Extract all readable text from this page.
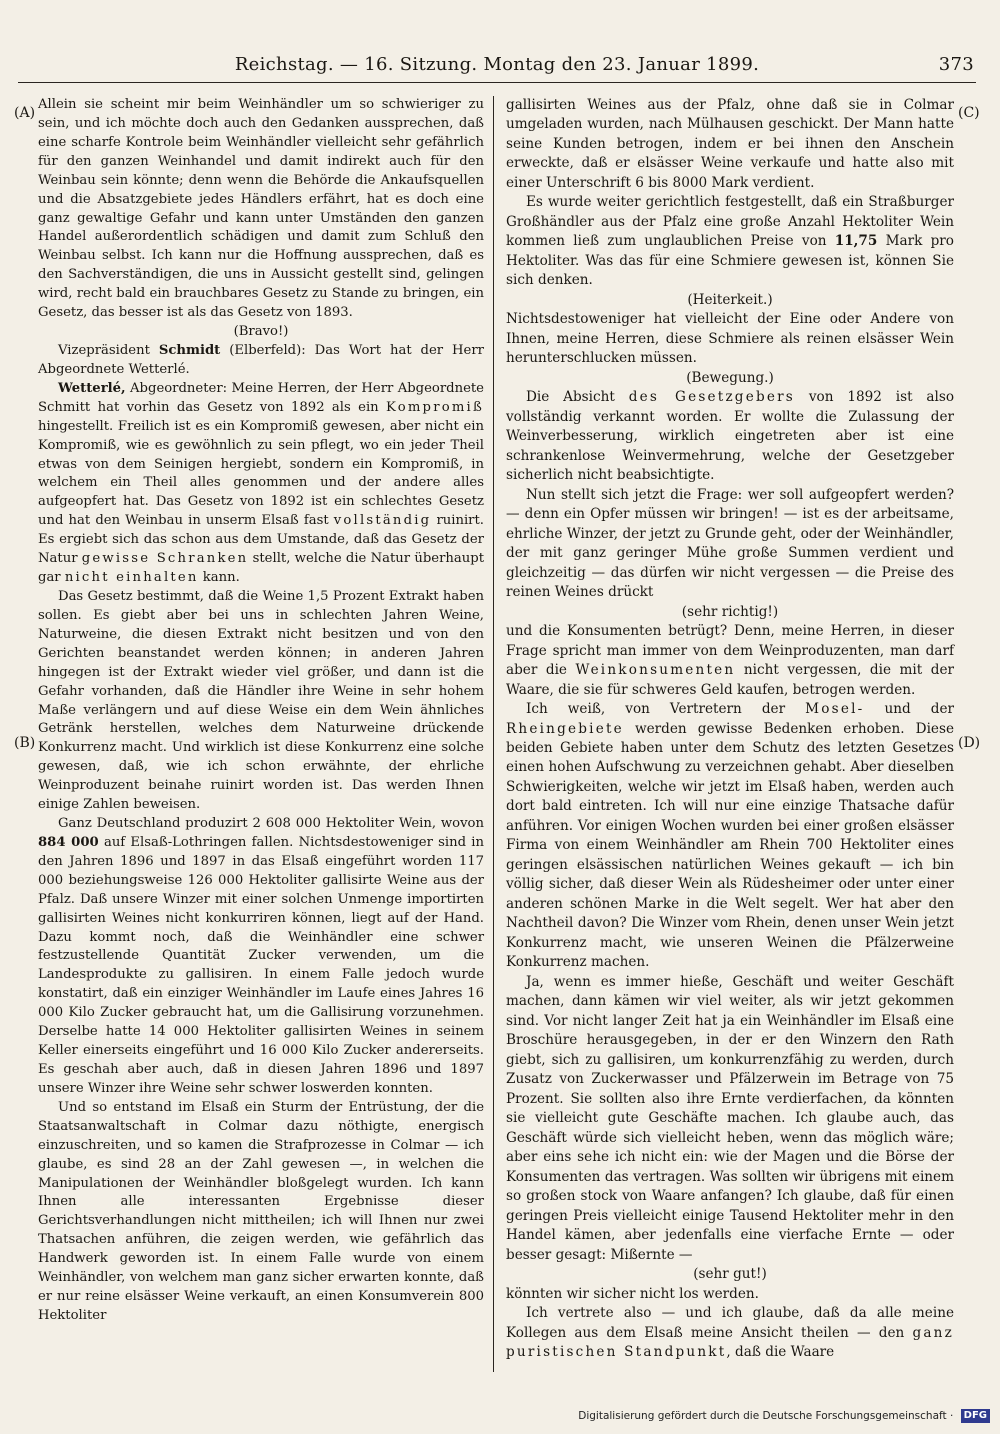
Reichstag. — 16. Sitzung. Montag den 23. Januar 1899.	373
(A)
(B)
(C)
(D)

Allein sie scheint mir beim Weinhändler um so schwieriger zu sein, und ich möchte doch auch den Gedanken aussprechen, daß eine scharfe Kontrole beim Weinhändler vielleicht sehr gefährlich für den ganzen Weinhandel und damit indirekt auch für den Weinbau sein könnte; denn wenn die Behörde die Ankaufsquellen und die Absatzgebiete jedes Händlers erfährt, hat es doch eine ganz gewaltige Gefahr und kann unter Umständen den ganzen Handel außerordentlich schädigen und damit zum Schluß den Weinbau selbst. Ich kann nur die Hoffnung aussprechen, daß es den Sachverständigen, die uns in Aussicht gestellt sind, gelingen wird, recht bald ein brauchbares Gesetz zu Stande zu bringen, ein Gesetz, das besser ist als das Gesetz von 1893.

(Bravo!)

Vizepräsident Schmidt (Elberfeld): Das Wort hat der Herr Abgeordnete Wetterlé.

Wetterlé, Abgeordneter: Meine Herren, der Herr Abgeordnete Schmitt hat vorhin das Gesetz von 1892 als ein Kompromiß hingestellt. Freilich ist es ein Kompromiß gewesen, aber nicht ein Kompromiß, wie es gewöhnlich zu sein pflegt, wo ein jeder Theil etwas von dem Seinigen hergiebt, sondern ein Kompromiß, in welchem ein Theil alles genommen und der andere alles aufgeopfert hat. Das Gesetz von 1892 ist ein schlechtes Gesetz und hat den Weinbau in unserm Elsaß fast vollständig ruinirt. Es ergiebt sich das schon aus dem Umstande, daß das Gesetz der Natur gewisse Schranken stellt, welche die Natur überhaupt gar nicht einhalten kann.

Das Gesetz bestimmt, daß die Weine 1,5 Prozent Extrakt haben sollen. Es giebt aber bei uns in schlechten Jahren Weine, Naturweine, die diesen Extrakt nicht besitzen und von den Gerichten beanstandet werden können; in anderen Jahren hingegen ist der Extrakt wieder viel größer, und dann ist die Gefahr vorhanden, daß die Händler ihre Weine in sehr hohem Maße verlängern und auf diese Weise ein dem Wein ähnliches Getränk herstellen, welches dem Naturweine drückende Konkurrenz macht. Und wirklich ist diese Konkurrenz eine solche gewesen, daß, wie ich schon erwähnte, der ehrliche Weinproduzent beinahe ruinirt worden ist. Das werden Ihnen einige Zahlen beweisen.

Ganz Deutschland produzirt 2 608 000 Hektoliter Wein, wovon 884 000 auf Elsaß-Lothringen fallen. Nichtsdestoweniger sind in den Jahren 1896 und 1897 in das Elsaß eingeführt worden 117 000 beziehungsweise 126 000 Hektoliter gallisirte Weine aus der Pfalz. Daß unsere Winzer mit einer solchen Unmenge importirten gallisirten Weines nicht konkurriren können, liegt auf der Hand. Dazu kommt noch, daß die Weinhändler eine schwer festzustellende Quantität Zucker verwenden, um die Landesprodukte zu gallisiren. In einem Falle jedoch wurde konstatirt, daß ein einziger Weinhändler im Laufe eines Jahres 16 000 Kilo Zucker gebraucht hat, um die Gallisirung vorzunehmen. Derselbe hatte 14 000 Hektoliter gallisirten Weines in seinem Keller einerseits eingeführt und 16 000 Kilo Zucker andererseits. Es geschah aber auch, daß in diesen Jahren 1896 und 1897 unsere Winzer ihre Weine sehr schwer loswerden konnten.

Und so entstand im Elsaß ein Sturm der Entrüstung, der die Staatsanwaltschaft in Colmar dazu nöthigte, energisch einzuschreiten, und so kamen die Strafprozesse in Colmar — ich glaube, es sind 28 an der Zahl gewesen —, in welchen die Manipulationen der Weinhändler bloßgelegt wurden. Ich kann Ihnen alle interessanten Ergebnisse dieser Gerichtsverhandlungen nicht mittheilen; ich will Ihnen nur zwei Thatsachen anführen, die zeigen werden, wie gefährlich das Handwerk geworden ist. In einem Falle wurde von einem Weinhändler, von welchem man ganz sicher erwarten konnte, daß er nur reine elsässer Weine verkauft, an einen Konsumverein 800 Hektoliter

gallisirten Weines aus der Pfalz, ohne daß sie in Colmar umgeladen wurden, nach Mülhausen geschickt. Der Mann hatte seine Kunden betrogen, indem er bei ihnen den Anschein erweckte, daß er elsässer Weine verkaufe und hatte also mit einer Unterschrift 6 bis 8000 Mark verdient.

Es wurde weiter gerichtlich festgestellt, daß ein Straßburger Großhändler aus der Pfalz eine große Anzahl Hektoliter Wein kommen ließ zum unglaublichen Preise von 11,75 Mark pro Hektoliter. Was das für eine Schmiere gewesen ist, können Sie sich denken.

(Heiterkeit.)

Nichtsdestoweniger hat vielleicht der Eine oder Andere von Ihnen, meine Herren, diese Schmiere als reinen elsässer Wein herunterschlucken müssen.

(Bewegung.)

Die Absicht des Gesetzgebers von 1892 ist also vollständig verkannt worden. Er wollte die Zulassung der Weinverbesserung, wirklich eingetreten aber ist eine schrankenlose Weinvermehrung, welche der Gesetzgeber sicherlich nicht beabsichtigte.

Nun stellt sich jetzt die Frage: wer soll aufgeopfert werden? — denn ein Opfer müssen wir bringen! — ist es der arbeitsame, ehrliche Winzer, der jetzt zu Grunde geht, oder der Weinhändler, der mit ganz geringer Mühe große Summen verdient und gleichzeitig — das dürfen wir nicht vergessen — die Preise des reinen Weines drückt

(sehr richtig!)

und die Konsumenten betrügt? Denn, meine Herren, in dieser Frage spricht man immer von dem Weinproduzenten, man darf aber die Weinkonsumenten nicht vergessen, die mit der Waare, die sie für schweres Geld kaufen, betrogen werden.

Ich weiß, von Vertretern der Mosel- und der Rheingebiete werden gewisse Bedenken erhoben. Diese beiden Gebiete haben unter dem Schutz des letzten Gesetzes einen hohen Aufschwung zu verzeichnen gehabt. Aber dieselben Schwierigkeiten, welche wir jetzt im Elsaß haben, werden auch dort bald eintreten. Ich will nur eine einzige Thatsache dafür anführen. Vor einigen Wochen wurden bei einer großen elsässer Firma von einem Weinhändler am Rhein 700 Hektoliter eines geringen elsässischen natürlichen Weines gekauft — ich bin völlig sicher, daß dieser Wein als Rüdesheimer oder unter einer anderen schönen Marke in die Welt segelt. Wer hat aber den Nachtheil davon? Die Winzer vom Rhein, denen unser Wein jetzt Konkurrenz macht, wie unseren Weinen die Pfälzerweine Konkurrenz machen.

Ja, wenn es immer hieße, Geschäft und weiter Geschäft machen, dann kämen wir viel weiter, als wir jetzt gekommen sind. Vor nicht langer Zeit hat ja ein Weinhändler im Elsaß eine Broschüre herausgegeben, in der er den Winzern den Rath giebt, sich zu gallisiren, um konkurrenzfähig zu werden, durch Zusatz von Zuckerwasser und Pfälzerwein im Betrage von 75 Prozent. Sie sollten also ihre Ernte verdierfachen, da könnten sie vielleicht gute Geschäfte machen. Ich glaube auch, das Geschäft würde sich vielleicht heben, wenn das möglich wäre; aber eins sehe ich nicht ein: wie der Magen und die Börse der Konsumenten das vertragen. Was sollten wir übrigens mit einem so großen stock von Waare anfangen? Ich glaube, daß für einen geringen Preis vielleicht einige Tausend Hektoliter mehr in den Handel kämen, aber jedenfalls eine vierfache Ernte — oder besser gesagt: Mißernte —

(sehr gut!)

könnten wir sicher nicht los werden.

Ich vertrete also — und ich glaube, daß da alle meine Kollegen aus dem Elsaß meine Ansicht theilen — den ganz puristischen Standpunkt, daß die Waare

Digitalisierung gefördert durch die Deutsche Forschungsgemeinschaft · DFG
